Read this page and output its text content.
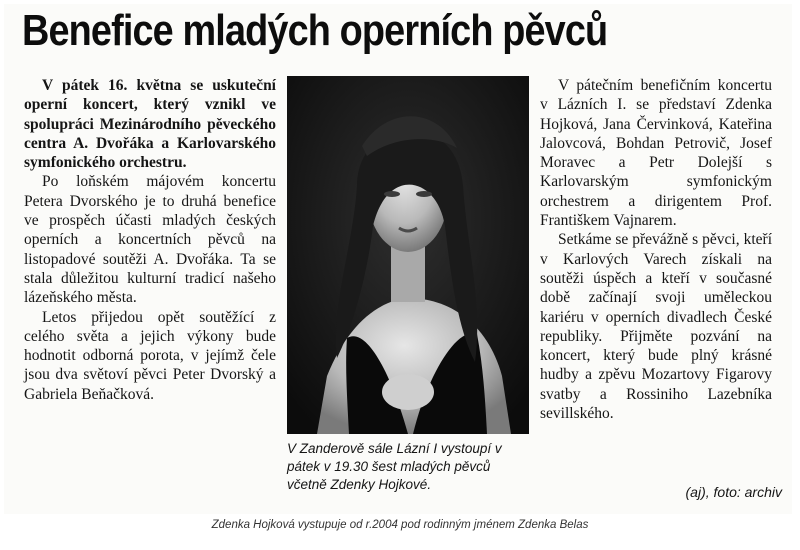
Benefice mladých operních pěvců

V pátek 16. května se uskuteční operní koncert, který vznikl ve spolupráci Mezinárodního pěveckého centra A. Dvořáka a Karlovarského symfonického orchestru.

Po loňském májovém koncertu Petera Dvorského je to druhá benefice ve prospěch účasti mladých českých operních a koncertních pěvců na listopadové soutěži A. Dvořáka. Ta se stala důležitou kulturní tradicí našeho lázeňského města.

Letos přijedou opět soutěžící z celého světa a jejich výkony bude hodnotit odborná porota, v jejímž čele jsou dva světoví pěvci Peter Dvorský a Gabriela Beňačková.

V Zanderově sále Lázní I vystoupí v pátek v 19.30 šest mladých pěvců včetně Zdenky Hojkové.

V pátečním benefičním koncertu v Lázních I. se představí Zdenka Hojková, Jana Červinková, Kateřina Jalovcová, Bohdan Petrovič, Josef Moravec a Petr Dolejší s Karlovarským symfonickým orchestrem a dirigentem Prof. Františkem Vajnarem.

Setkáme se převážně s pěvci, kteří v Karlových Varech získali na soutěži úspěch a kteří v současné době začínají svoji uměleckou kariéru v operních divadlech České republiky. Přijměte pozvání na koncert, který bude plný krásné hudby a zpěvu Mozartovy Figarovy svatby a Rossiniho Lazebníka sevillského.

(aj), foto: archiv
Zdenka Hojková vystupuje od r.2004 pod rodinným jménem Zdenka Belas
